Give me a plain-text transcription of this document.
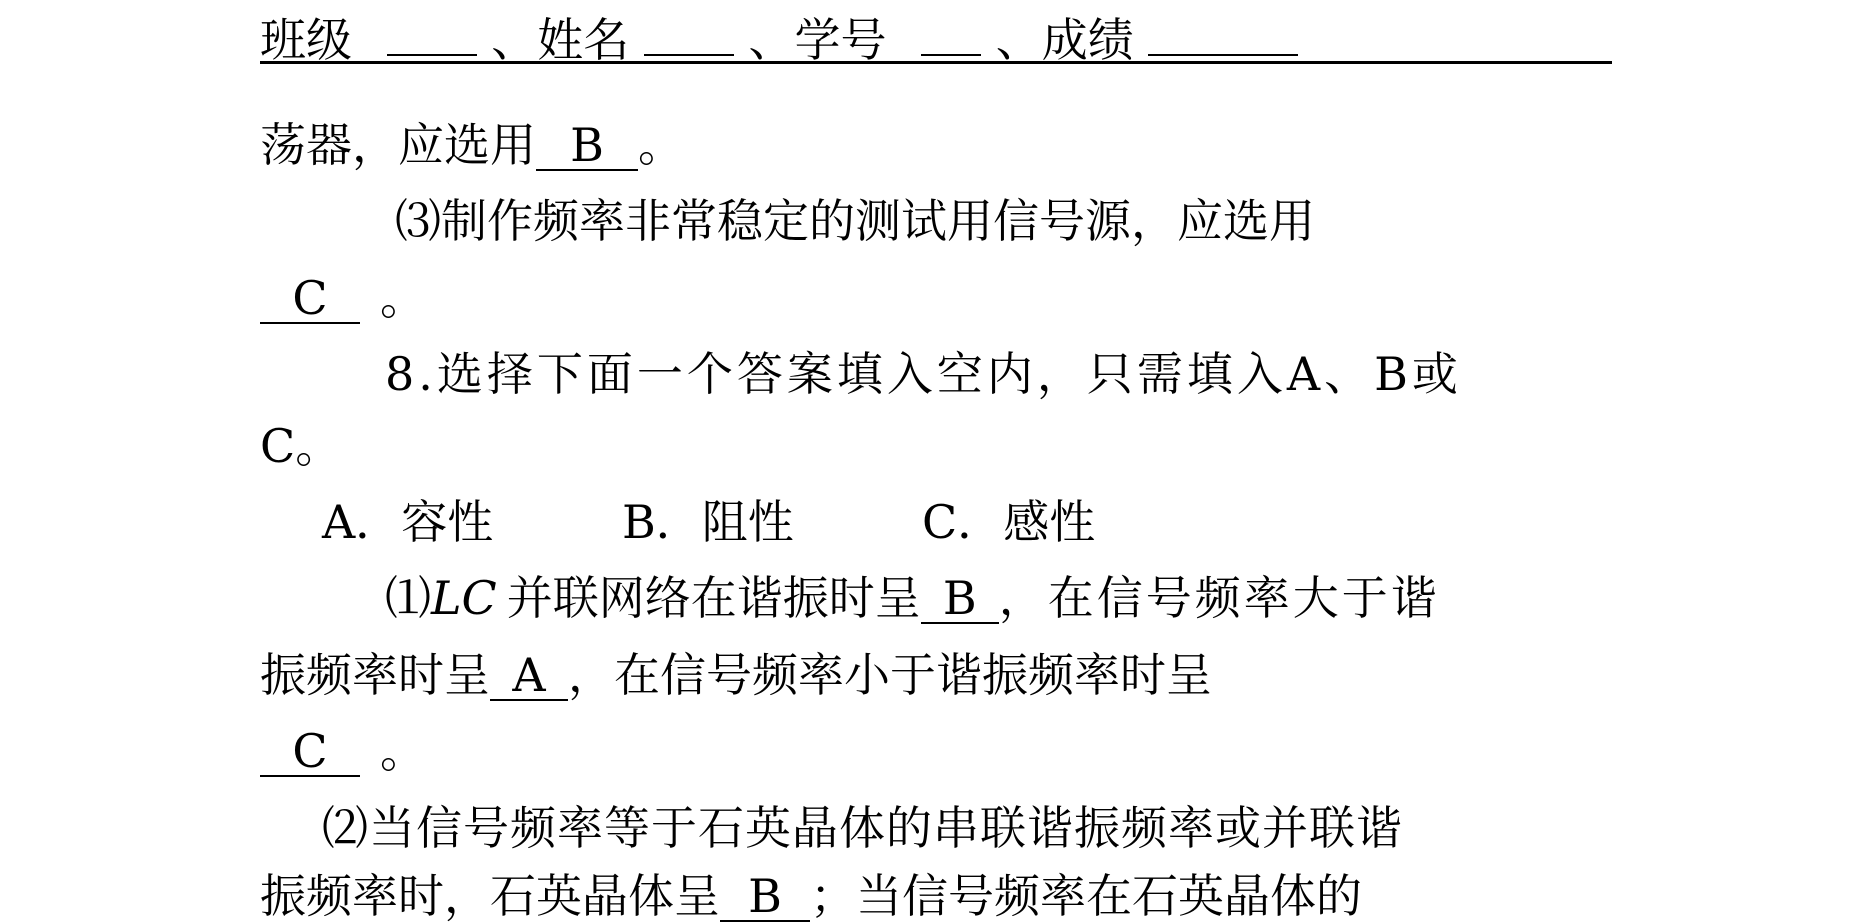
班级	、姓名	、学号 、成绩
荡器，应选用 B 。
⑶制作频率非常稳定的测试用信号源，应选用
C 。
8.选择下面一个答案填入空内，只需填入A、B或
C。
A．容性	B．阻性	C．感性
⑴LC 并联网络在谐振时呈 B ，在信号频率大于谐
振频率时呈 A ，在信号频率小于谐振频率时呈
C 。
⑵当信号频率等于石英晶体的串联谐振频率或并联谐
振频率时，石英晶体呈 B ；当信号频率在石英晶体的
